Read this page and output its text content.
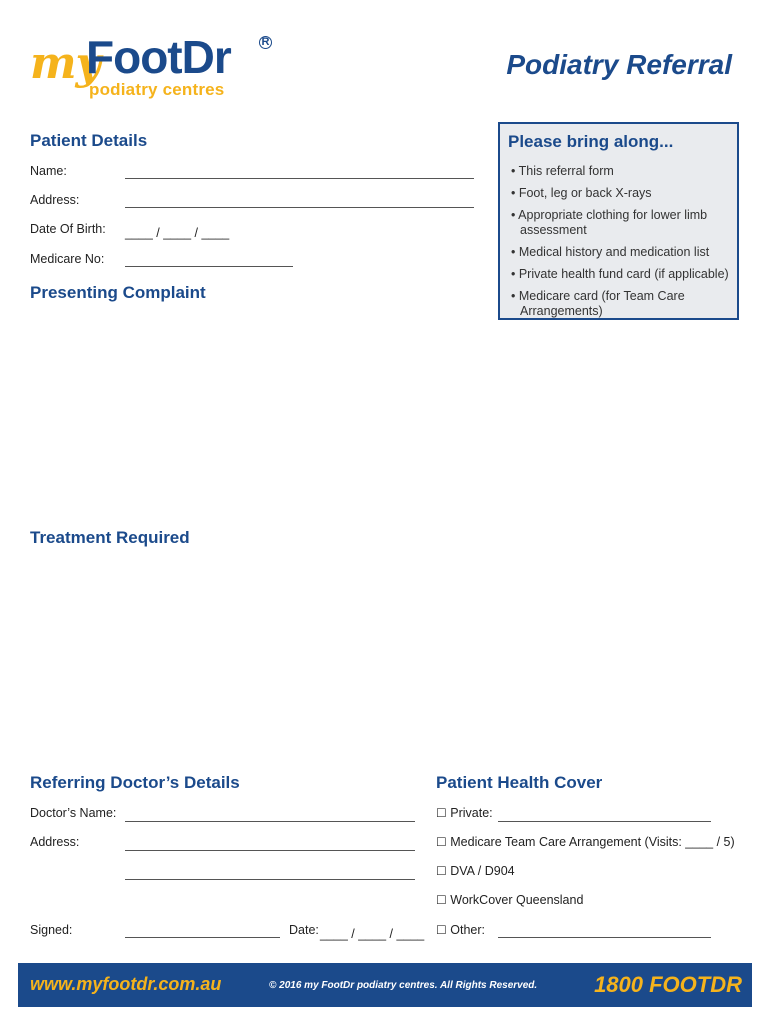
my
FootDr	R
podiatry centres
Podiatry Referral
Patient Details
Name:
Address:
Date Of Birth: ____ / ____ / ____
Medicare No:
Please bring along...
• This referral form
• Foot, leg or back X-rays
• Appropriate clothing for lower limb assessment
• Medical history and medication list
• Private health fund card (if applicable)
• Medicare card (for Team Care Arrangements)
Presenting Complaint
Treatment Required
Referring Doctor’s Details
Doctor’s Name:
Address:
Signed:	Date: ____ / ____ / ____
Patient Health Cover
☐ Private:
☐ Medicare Team Care Arrangement (Visits: ____ / 5)
☐ DVA / D904
☐ WorkCover Queensland
☐ Other:
www.myfootdr.com.au	© 2016 my FootDr podiatry centres. All Rights Reserved.	1800 FOOTDR
